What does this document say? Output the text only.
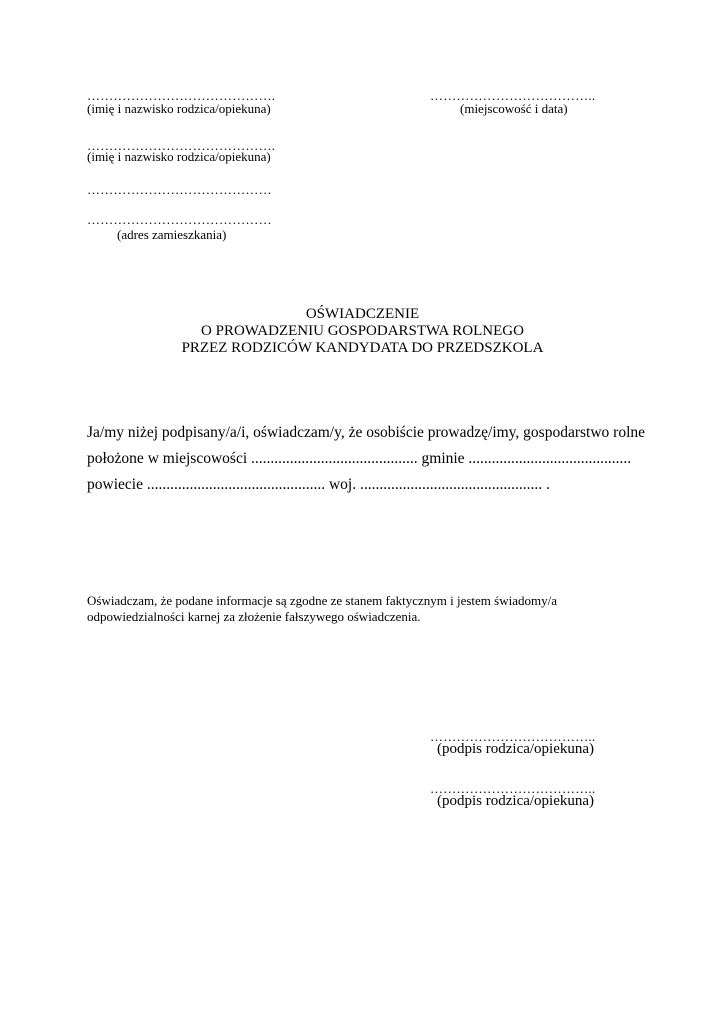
…………………………………….
(imię i nazwisko rodzica/opiekuna)
…………………………………….
(imię i nazwisko rodzica/opiekuna)
……………………………………
……………………………………
(adres zamieszkania)
………………………………..
(miejscowość i data)
OŚWIADCZENIE
O PROWADZENIU GOSPODARSTWA ROLNEGO
PRZEZ RODZICÓW KANDYDATA DO PRZEDSZKOLA
Ja/my niżej podpisany/a/i, oświadczam/y, że osobiście prowadzę/imy, gospodarstwo rolne
położone w miejscowości ........................................... gminie ..........................................
powiecie .............................................. woj. ............................................... .
Oświadczam, że podane informacje są zgodne ze stanem faktycznym i jestem świadomy/a
odpowiedzialności karnej za złożenie fałszywego oświadczenia.
………………………………..
(podpis rodzica/opiekuna)
………………………………..
(podpis rodzica/opiekuna)
